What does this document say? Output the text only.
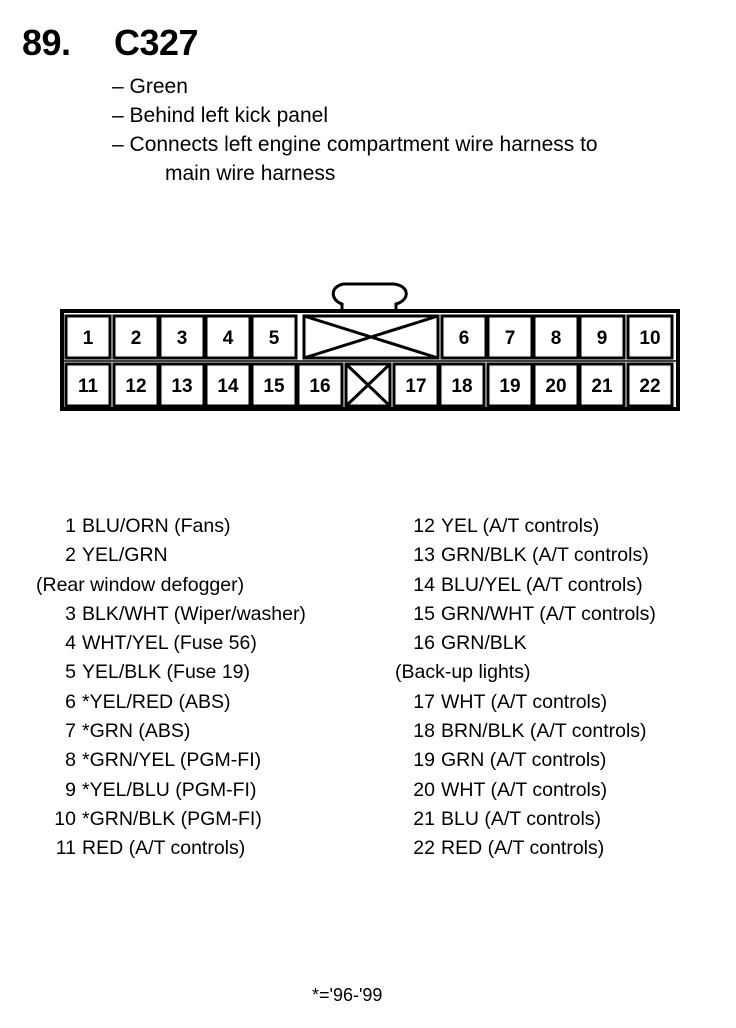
89. C327
– Green
– Behind left kick panel
– Connects left engine compartment wire harness to
main wire harness
1 2 3 4 5	6 7 8 9 10
11 12 13 14 15 16	17 18 19 20 21 22
1 BLU/ORN (Fans)
2 YEL/GRN
(Rear window defogger)
3 BLK/WHT (Wiper/washer)
4 WHT/YEL (Fuse 56)
5 YEL/BLK (Fuse 19)
6 *YEL/RED (ABS)
7 *GRN (ABS)
8 *GRN/YEL (PGM-FI)
9 *YEL/BLU (PGM-FI)
10 *GRN/BLK (PGM-FI)
11 RED (A/T controls)
12 YEL (A/T controls)
13 GRN/BLK (A/T controls)
14 BLU/YEL (A/T controls)
15 GRN/WHT (A/T controls)
16 GRN/BLK
(Back-up lights)
17 WHT (A/T controls)
18 BRN/BLK (A/T controls)
19 GRN (A/T controls)
20 WHT (A/T controls)
21 BLU (A/T controls)
22 RED (A/T controls)
*='96-'99
